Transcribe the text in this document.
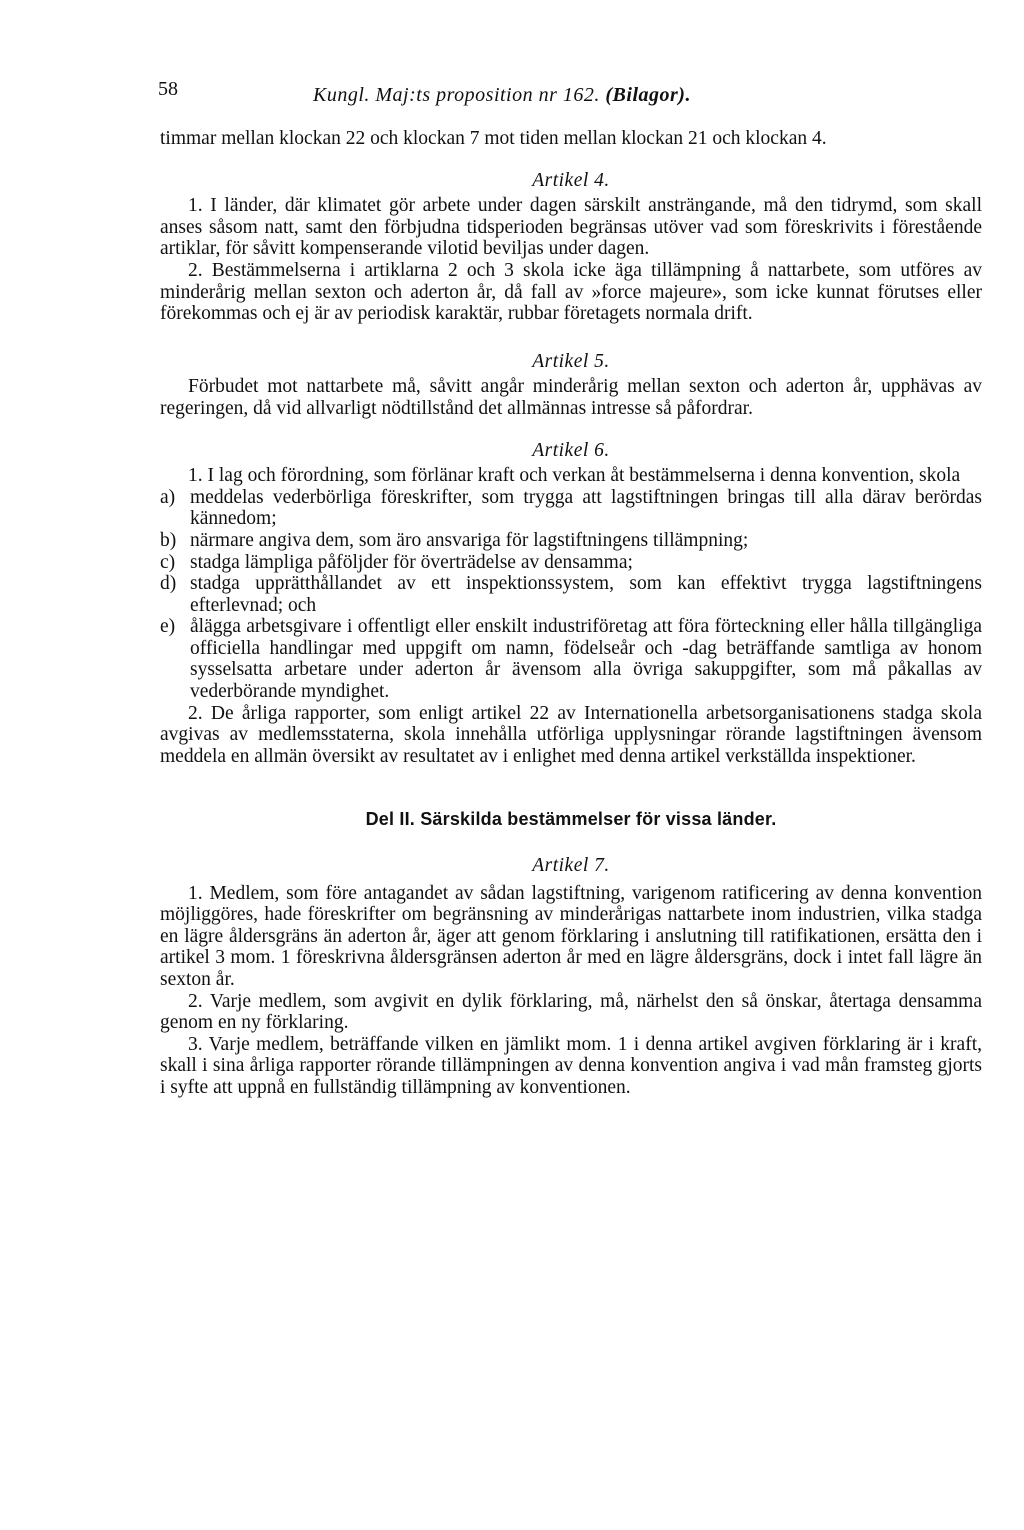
58	Kungl. Maj:ts proposition nr 162. (Bilagor).

timmar mellan klockan 22 och klockan 7 mot tiden mellan klockan 21 och klockan 4.

Artikel 4.

1. I länder, där klimatet gör arbete under dagen särskilt ansträngande, må den tidrymd, som skall anses såsom natt, samt den förbjudna tidsperioden begränsas utöver vad som föreskrivits i förestående artiklar, för såvitt kompenserande vilotid beviljas under dagen.

2. Bestämmelserna i artiklarna 2 och 3 skola icke äga tillämpning å nattarbete, som utföres av minderårig mellan sexton och aderton år, då fall av »force majeure», som icke kunnat förutses eller förekommas och ej är av periodisk karaktär, rubbar företagets normala drift.

Artikel 5.

Förbudet mot nattarbete må, såvitt angår minderårig mellan sexton och aderton år, upphävas av regeringen, då vid allvarligt nödtillstånd det allmännas intresse så påfordrar.

Artikel 6.

1. I lag och förordning, som förlänar kraft och verkan åt bestämmelserna i denna konvention, skola

a) meddelas vederbörliga föreskrifter, som trygga att lagstiftningen bringas till alla därav berördas kännedom;
b) närmare angiva dem, som äro ansvariga för lagstiftningens tillämpning;
c) stadga lämpliga påföljder för överträdelse av densamma;
d) stadga upprätthållandet av ett inspektionssystem, som kan effektivt trygga lagstiftningens efterlevnad; och
e) ålägga arbetsgivare i offentligt eller enskilt industriföretag att föra förteckning eller hålla tillgängliga officiella handlingar med uppgift om namn, födelseår och -dag beträffande samtliga av honom sysselsatta arbetare under aderton år ävensom alla övriga sakuppgifter, som må påkallas av vederbörande myndighet.

2. De årliga rapporter, som enligt artikel 22 av Internationella arbetsorganisationens stadga skola avgivas av medlemsstaterna, skola innehålla utförliga upplysningar rörande lagstiftningen ävensom meddela en allmän översikt av resultatet av i enlighet med denna artikel verkställda inspektioner.

Del II. Särskilda bestämmelser för vissa länder.

Artikel 7.

1. Medlem, som före antagandet av sådan lagstiftning, varigenom ratificering av denna konvention möjliggöres, hade föreskrifter om begränsning av minderårigas nattarbete inom industrien, vilka stadga en lägre åldersgräns än aderton år, äger att genom förklaring i anslutning till ratifikationen, ersätta den i artikel 3 mom. 1 föreskrivna åldersgränsen aderton år med en lägre åldersgräns, dock i intet fall lägre än sexton år.

2. Varje medlem, som avgivit en dylik förklaring, må, närhelst den så önskar, återtaga densamma genom en ny förklaring.

3. Varje medlem, beträffande vilken en jämlikt mom. 1 i denna artikel avgiven förklaring är i kraft, skall i sina årliga rapporter rörande tillämpningen av denna konvention angiva i vad mån framsteg gjorts i syfte att uppnå en fullständig tillämpning av konventionen.
